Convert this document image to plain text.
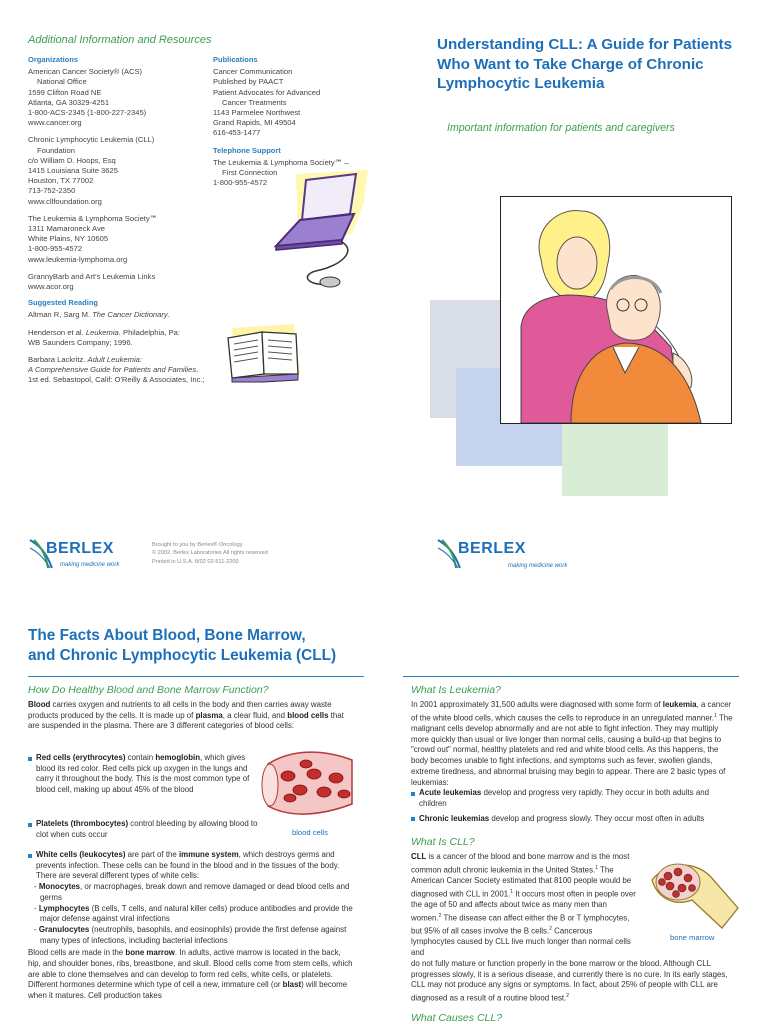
Additional Information and Resources
Organizations

American Cancer Society® (ACS)

National Office
1599 Clifton Road NE
Atlanta, GA 30329-4251
1-800-ACS-2345 (1-800-227-2345)
www.cancer.org

Chronic Lymphocytic Leukemia (CLL)

Foundation
c/o William D. Hoops, Esq
1415 Louisiana Suite 3625
Houston, TX 77002
713-752-2350
www.cllfoundation.org

The Leukemia & Lymphoma Society℠
1311 Mamaroneck Ave
White Plains, NY 10605
1-800-955-4572
www.leukemia-lymphoma.org

GrannyBarb and Art's Leukemia Links
www.acor.org

Suggested Reading

Altman R, Sarg M. The Cancer Dictionary.

Henderson et al. Leukemia. Philadelphia, Pa:
WB Saunders Company; 1996.

Barbara Lackritz. Adult Leukemia:
A Comprehensive Guide for Patients and Families.
1st ed. Sebastopol, Calif: O'Reilly & Associates, Inc.;

Publications

Cancer Communication
Published by PAACT
Patient Advocates for Advanced

Cancer Treatments
1143 Parmelee Northwest
Grand Rapids, MI 49504
616-453-1477

Telephone Support

The Leukemia & Lymphoma Society℠ –

First Connection
1-800-955-4572

BERLEX
making medicine work
Brought to you by Berlex® Oncology
© 2002, Berlex Laboratories All rights reserved
Printed in U.S.A. 8/02 02-511-2200
Understanding CLL: A Guide for Patients Who Want to Take Charge of Chronic Lymphocytic Leukemia
Important information for patients and caregivers
BERLEX
making medicine work
The Facts About Blood, Bone Marrow,
and Chronic Lymphocytic Leukemia (CLL)
How Do Healthy Blood and Bone Marrow Function?
Blood carries oxygen and nutrients to all cells in the body and then carries away waste products produced by the cells. It is made up of plasma, a clear fluid, and blood cells that are suspended in the plasma. There are 3 different categories of blood cells:
Red cells (erythrocytes) contain hemoglobin, which gives blood its red color. Red cells pick up oxygen in the lungs and carry it throughout the body. This is the most common type of blood cell, making up about 45% of the blood
blood cells
Platelets (thrombocytes) control bleeding by allowing blood to clot when cuts occur
White cells (leukocytes) are part of the immune system, which destroys germs and prevents infection. These cells can be found in the blood and in the tissues of the body. There are several different types of white cells:
- Monocytes, or macrophages, break down and remove damaged or dead blood cells and germs
- Lymphocytes (B cells, T cells, and natural killer cells) produce antibodies and provide the major defense against viral infections
- Granulocytes (neutrophils, basophils, and eosinophils) provide the first defense against many types of infections, including bacterial infections
Blood cells are made in the bone marrow. In adults, active marrow is located in the back, hip, and shoulder bones, ribs, breastbone, and skull. Blood cells come from stem cells, which are able to clone themselves and can develop to form red cells, white cells, or platelets. Different hormones determine which type of cell a new, immature cell (or blast) will become when it matures. Cell production takes
What Is Leukemia?
In 2001 approximately 31,500 adults were diagnosed with some form of leukemia, a cancer of the white blood cells, which causes the cells to reproduce in an unregulated manner.$^1$ The malignant cells develop abnormally and are not able to fight infection. They may multiply more quickly than usual or live longer than normal cells, causing a build-up that begins to "crowd out" normal, healthy platelets and red and white blood cells. As this happens, the body becomes unable to fight infections, and symptoms such as fever, swollen glands, extreme tiredness, and abnormal bruising may begin to appear. There are 2 basic types of leukemias:
Acute leukemias develop and progress very rapidly. They occur in both adults and children
Chronic leukemias develop and progress slowly. They occur most often in adults
What Is CLL?
CLL is a cancer of the blood and bone marrow and is the most common adult chronic leukemia in the United States.$^1$ The American Cancer Society estimated that 8100 people would be diagnosed with CLL in 2001.$^1$ It occurs most often in people over the age of 50 and affects about twice as many men than women.$^2$ The disease can affect either the B or T lymphocytes, but 95% of all cases involve the B cells.$^2$ Cancerous lymphocytes caused by CLL live much longer than normal cells and
do not fully mature or function properly in the bone marrow or the blood. Although CLL progresses slowly, it is a serious disease, and currently there is no cure. In its early stages, CLL may not produce any signs or symptoms. In fact, about 25% of people with CLL are diagnosed as a result of a routine blood test.$^2$
bone marrow
What Causes CLL?
